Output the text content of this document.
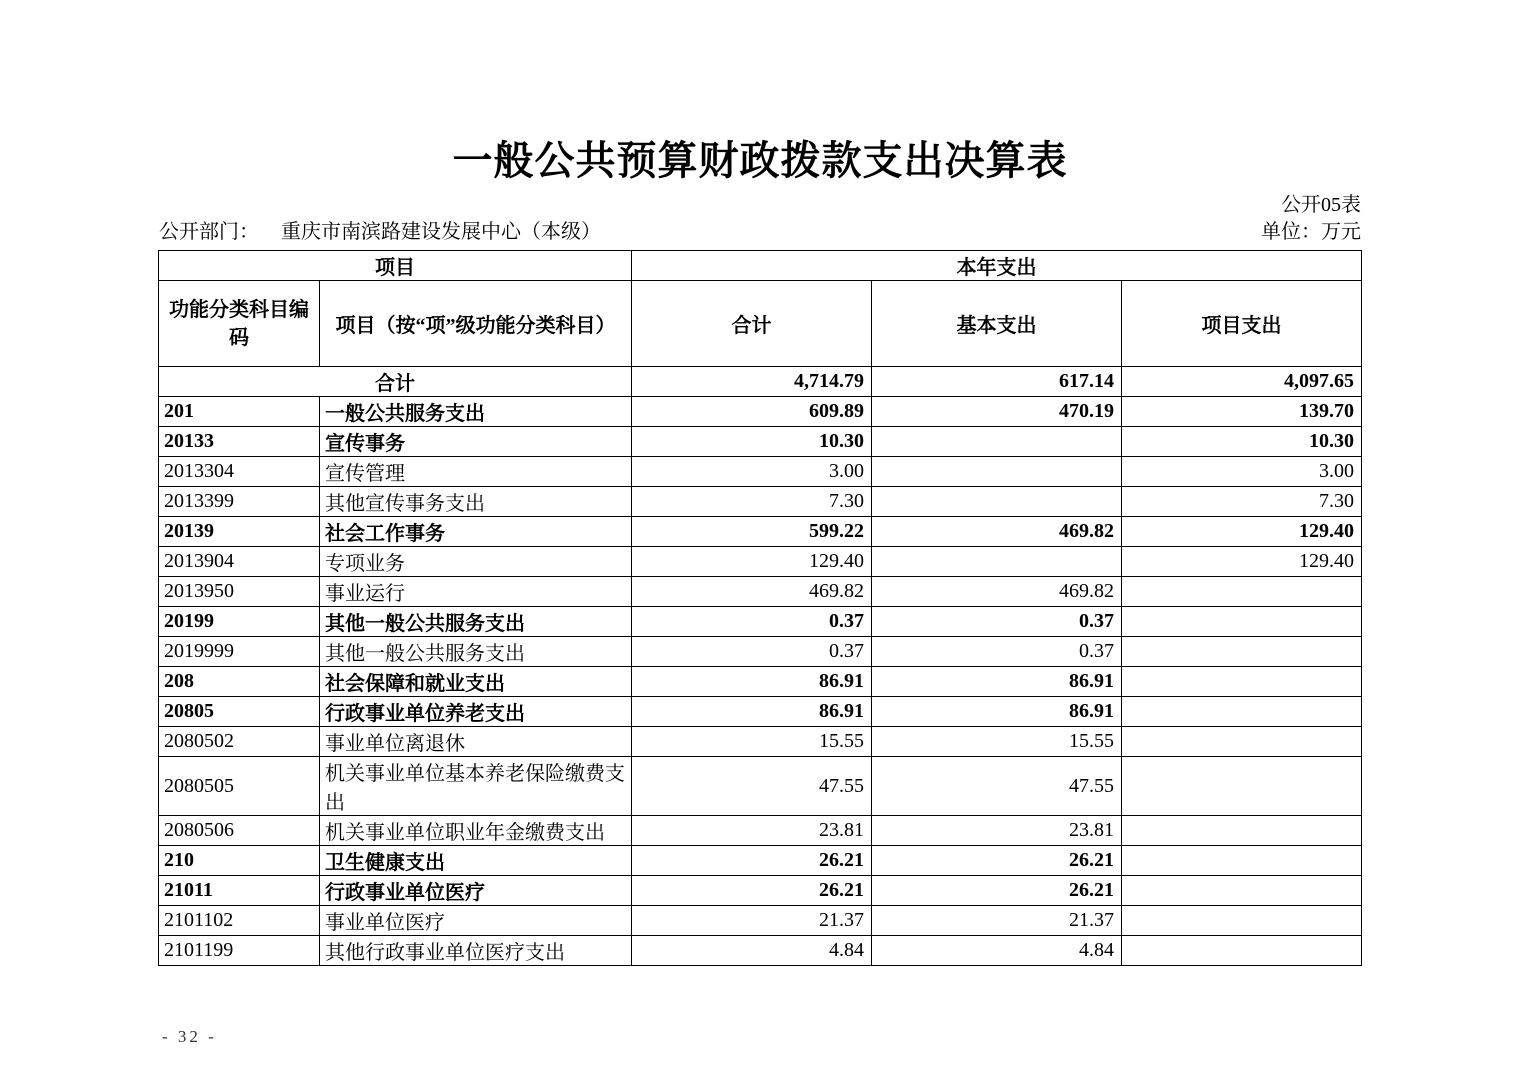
一般公共预算财政拨款支出决算表
公开05表
公开部门： 重庆市南滨路建设发展中心（本级）	单位：万元
项目		本年支出		
功能分类科目编码	项目（按“项”级功能分类科目）	合计	基本支出	项目支出
合计		4,714.79	617.14	4,097.65
201	一般公共服务支出	609.89	470.19	139.70
20133	宣传事务	10.30		10.30
2013304	宣传管理	3.00		3.00
2013399	其他宣传事务支出	7.30		7.30
20139	社会工作事务	599.22	469.82	129.40
2013904	专项业务	129.40		129.40
2013950	事业运行	469.82	469.82	
20199	其他一般公共服务支出	0.37	0.37	
2019999	其他一般公共服务支出	0.37	0.37	
208	社会保障和就业支出	86.91	86.91	
20805	行政事业单位养老支出	86.91	86.91	
2080502	事业单位离退休	15.55	15.55	
2080505	机关事业单位基本养老保险缴费支出	47.55	47.55	
2080506	机关事业单位职业年金缴费支出	23.81	23.81	
210	卫生健康支出	26.21	26.21	
21011	行政事业单位医疗	26.21	26.21	
2101102	事业单位医疗	21.37	21.37	
2101199	其他行政事业单位医疗支出	4.84	4.84	
- 32 -
